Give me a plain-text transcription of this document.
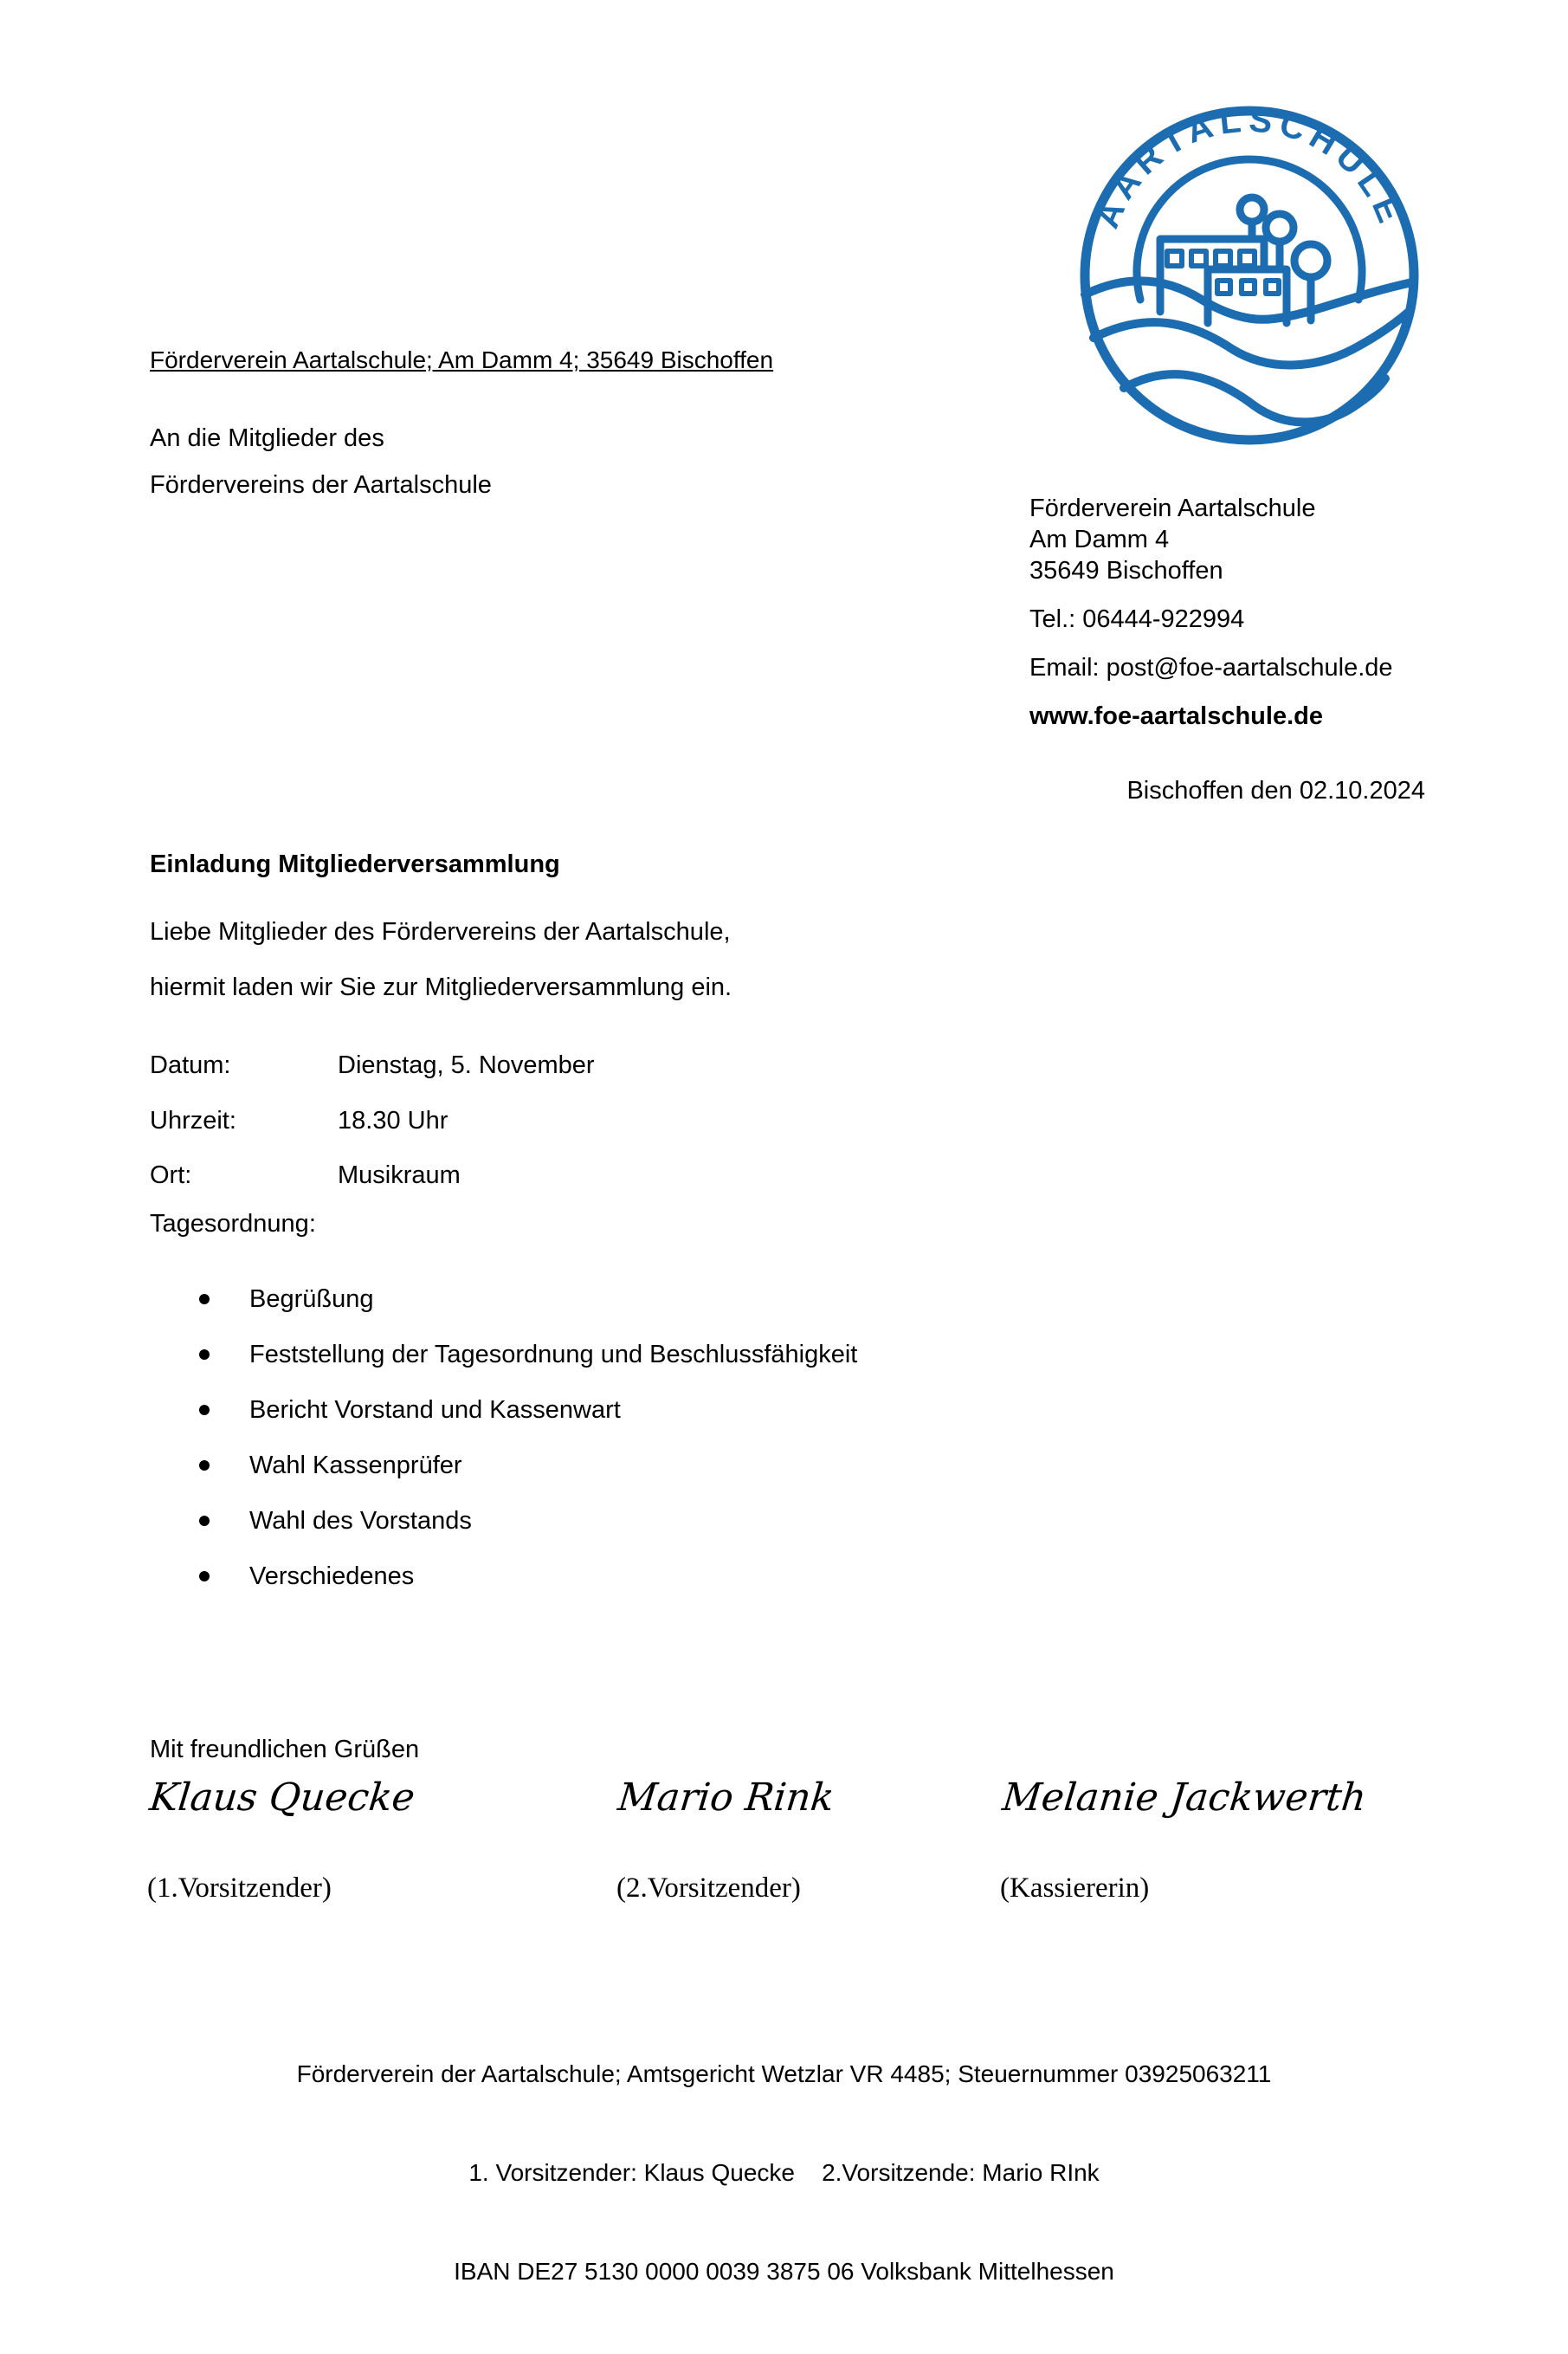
Förderverein Aartalschule; Am Damm 4; 35649 Bischoffen
An die Mitglieder des
Fördervereins der Aartalschule
AARTALSCHULE
Förderverein Aartalschule
Am Damm 4
35649 Bischoffen
Tel.: 06444-922994
Email: post@foe-aartalschule.de
www.foe-aartalschule.de
Bischoffen den 02.10.2024
Einladung Mitgliederversammlung
Liebe Mitglieder des Fördervereins der Aartalschule,
hiermit laden wir Sie zur Mitgliederversammlung ein.
Datum:	Dienstag, 5. November
Uhrzeit:	18.30 Uhr
Ort:	Musikraum
Tagesordnung:
Begrüßung
Feststellung der Tagesordnung und Beschlussfähigkeit
Bericht Vorstand und Kassenwart
Wahl Kassenprüfer
Wahl des Vorstands
Verschiedenes
Mit freundlichen Grüßen
Klaus Quecke	Mario Rink	Melanie Jackwerth
(1.Vorsitzender)	(2.Vorsitzender)	(Kassiererin)

Förderverein der Aartalschule; Amtsgericht Wetzlar VR 4485; Steuernummer 03925063211

1. Vorsitzender: Klaus Quecke    2.Vorsitzende: Mario RInk

IBAN DE27 5130 0000 0039 3875 06 Volksbank Mittelhessen
